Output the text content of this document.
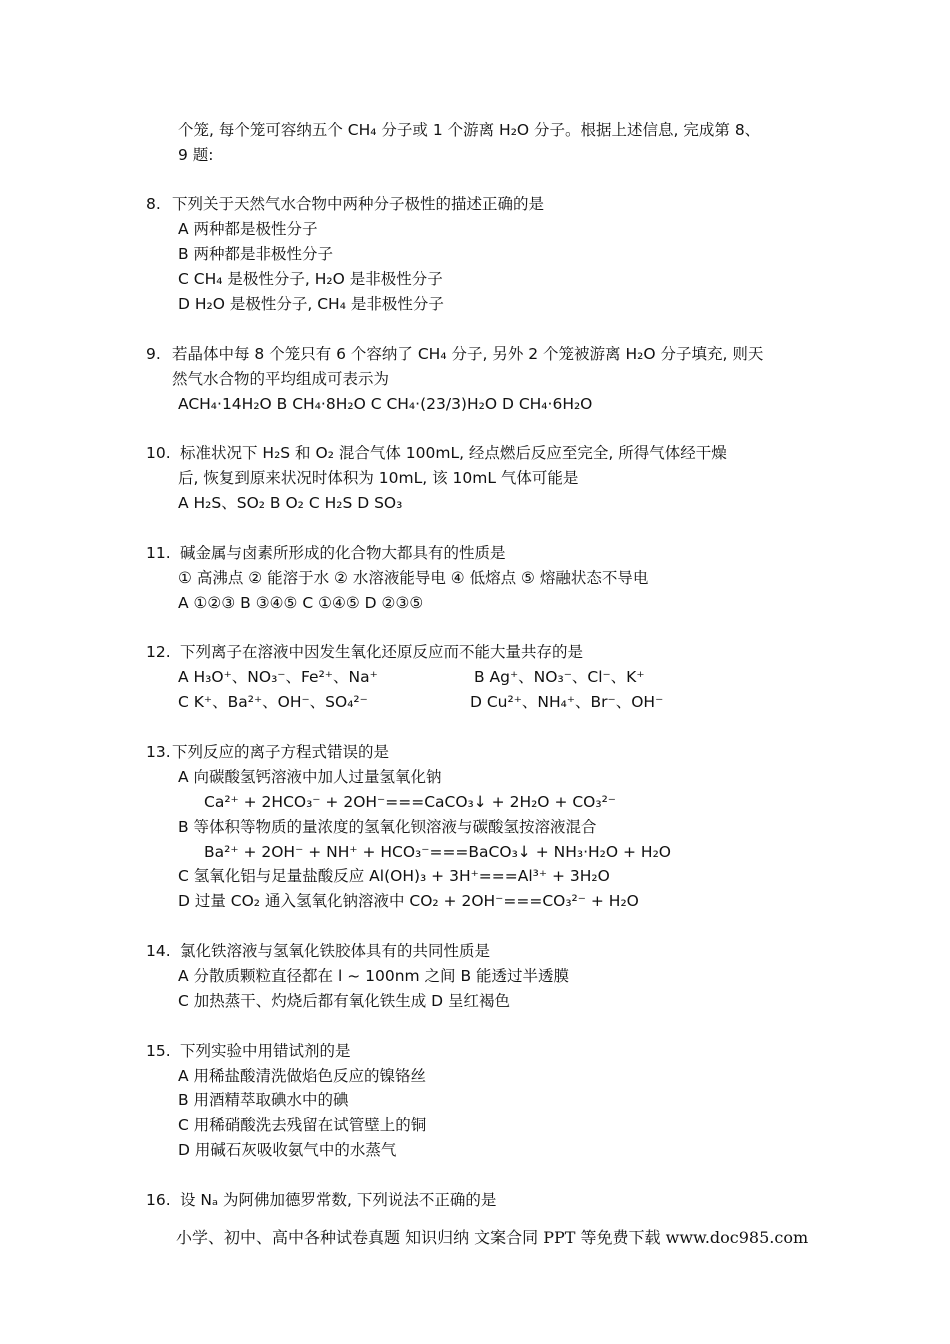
个笼, 每个笼可容纳五个 CH₄ 分子或 1 个游离 H₂O 分子。根据上述信息, 完成第 8、
9 题:
8. 下列关于天然气水合物中两种分子极性的描述正确的是
A 两种都是极性分子
B 两种都是非极性分子
C CH₄ 是极性分子, H₂O 是非极性分子
D H₂O 是极性分子, CH₄ 是非极性分子
9. 若晶体中每 8 个笼只有 6 个容纳了 CH₄ 分子, 另外 2 个笼被游离 H₂O 分子填充, 则天
然气水合物的平均组成可表示为
ACH₄·14H₂O B CH₄·8H₂O C CH₄·(23/3)H₂O D CH₄·6H₂O
10. 标准状况下 H₂S 和 O₂ 混合气体 100mL, 经点燃后反应至完全, 所得气体经干燥
后, 恢复到原来状况时体积为 10mL, 该 10mL 气体可能是
A H₂S、SO₂ B O₂ C H₂S D SO₃
11. 碱金属与卤素所形成的化合物大都具有的性质是
① 高沸点 ② 能溶于水 ② 水溶液能导电 ④ 低熔点 ⑤ 熔融状态不导电
A ①②③ B ③④⑤ C ①④⑤ D ②③⑤
12. 下列离子在溶液中因发生氧化还原反应而不能大量共存的是
A H₃O⁺、NO₃⁻、Fe²⁺、Na⁺	B Ag⁺、NO₃⁻、Cl⁻、K⁺
C K⁺、Ba²⁺、OH⁻、SO₄²⁻	D Cu²⁺、NH₄⁺、Br⁻、OH⁻
13. 下列反应的离子方程式错误的是
A 向碳酸氢钙溶液中加人过量氢氧化钠
Ca²⁺ + 2HCO₃⁻ + 2OH⁻===CaCO₃↓ + 2H₂O + CO₃²⁻
B 等体积等物质的量浓度的氢氧化钡溶液与碳酸氢按溶液混合
Ba²⁺ + 2OH⁻ + NH⁺ + HCO₃⁻===BaCO₃↓ + NH₃·H₂O + H₂O
C 氢氧化铝与足量盐酸反应 Al(OH)₃ + 3H⁺===Al³⁺ + 3H₂O
D 过量 CO₂ 通入氢氧化钠溶液中 CO₂ + 2OH⁻===CO₃²⁻ + H₂O
14. 氯化铁溶液与氢氧化铁胶体具有的共同性质是
A 分散质颗粒直径都在 l ~ 100nm 之间 B 能透过半透膜
C 加热蒸干、灼烧后都有氧化铁生成 D 呈红褐色
15. 下列实验中用错试剂的是
A 用稀盐酸清洗做焰色反应的镍铬丝
B 用酒精萃取碘水中的碘
C 用稀硝酸洗去残留在试管壁上的铜
D 用碱石灰吸收氨气中的水蒸气
16. 设 Nₐ 为阿佛加德罗常数, 下列说法不正确的是
小学、初中、高中各种试卷真题 知识归纳 文案合同 PPT 等免费下载 www.doc985.com
